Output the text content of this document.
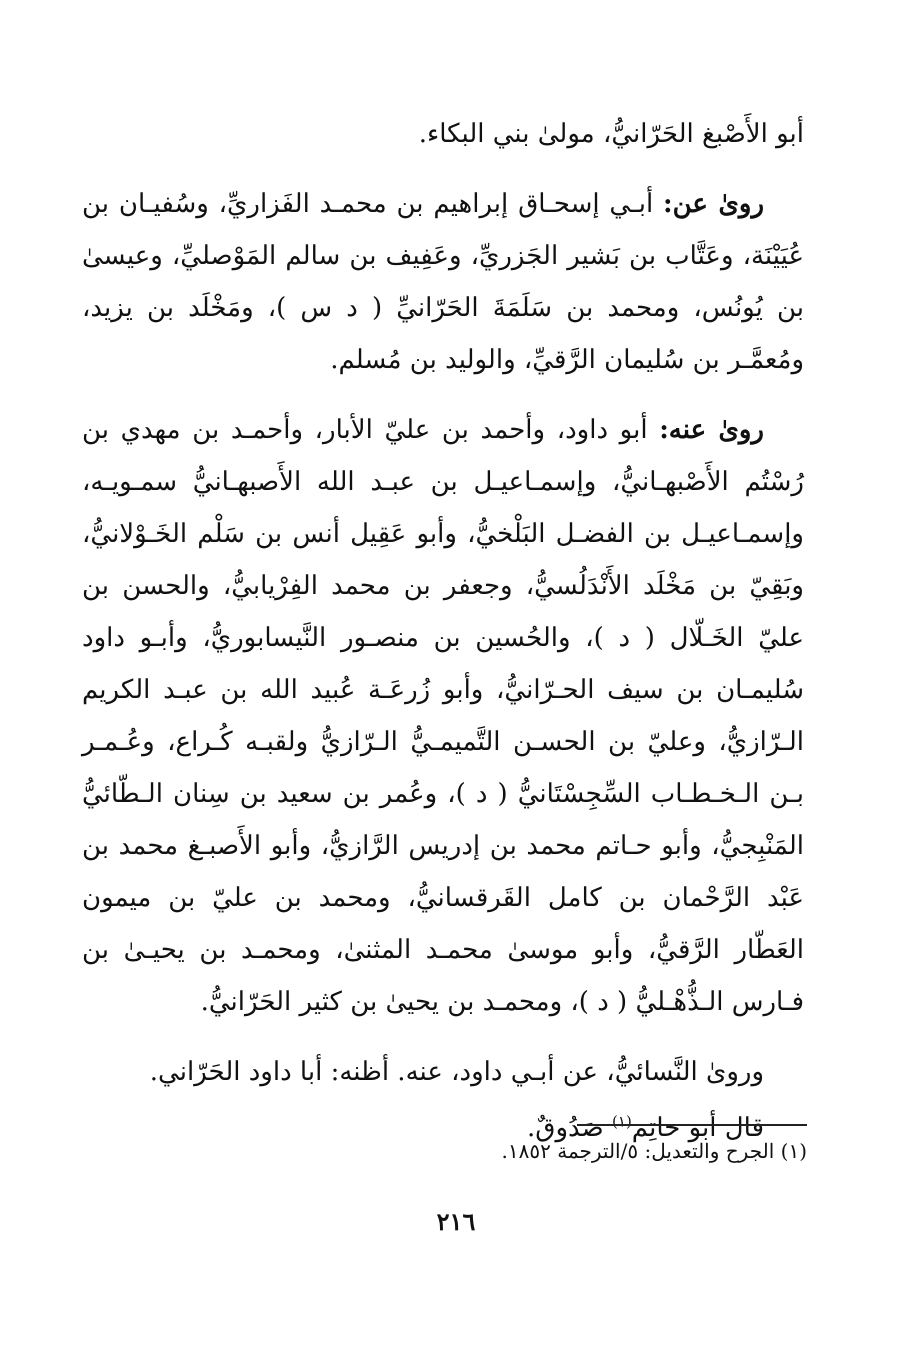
أبو الأَصْبغ الحَرّانيُّ، مولىٰ بني البكاء.

روىٰ عن: أبـي إسحـاق إبراهيم بن محمـد الفَزاريِّ، وسُفيـان بن عُيَيْنَة، وعَتَّاب بن بَشير الجَزريِّ، وعَفِيف بن سالم المَوْصليِّ، وعيسىٰ بن يُونُس، ومحمد بن سَلَمَةَ الحَرّانيِّ ( د س )، ومَخْلَد بن يزيد، ومُعمَّـر بن سُليمان الرَّقيِّ، والوليد بن مُسلم.

روىٰ عنه: أبو داود، وأحمد بن عليّ الأبار، وأحمـد بن مهدي بن رُسْتُم الأَصْبهـانيُّ، وإسمـاعيـل بن عبـد الله الأَصبهـانيُّ سمـويـه، وإسمـاعيـل بن الفضـل البَلْخيُّ، وأبو عَقِيل أنس بن سَلْم الخَـوْلانيُّ، وبَقِيّ بن مَخْلَد الأَنْدَلُسيُّ، وجعفر بن محمد الفِرْيابيُّ، والحسن بن عليّ الخَـلّال ( د )، والحُسين بن منصـور النَّيسابوريُّ، وأبـو داود سُليمـان بن سيف الحـرّانيُّ، وأبو زُرعَـة عُبيد الله بن عبـد الكريم الـرّازيُّ، وعليّ بن الحسـن التَّميمـيُّ الـرّازيُّ ولقبـه كُـراع، وعُـمـر بـن الـخـطـاب السِّجِسْتَانيُّ ( د )، وعُمر بن سعيد بن سِنان الـطّائيُّ المَنْبِجيُّ، وأبو حـاتم محمد بن إدريس الرَّازيُّ، وأبو الأَصبـغ محمد بن عَبْد الرَّحْمان بن كامل القَرقسانيُّ، ومحمد بن عليّ بن ميمون العَطّار الرَّقيُّ، وأبو موسىٰ محمـد المثنىٰ، ومحمـد بن يحيـىٰ بن فـارس الـذُّهْـليُّ ( د )، ومحمـد بن يحيىٰ بن كثير الحَرّانيُّ.

وروىٰ النَّسائيُّ، عن أبـي داود، عنه. أظنه: أبا داود الحَرّاني.

قال أبو حاتِم$^{(١)}$ صَدُوقٌ.

(١) الجرح والتعديل: ٥/الترجمة ١٨٥٢.
٢١٦
